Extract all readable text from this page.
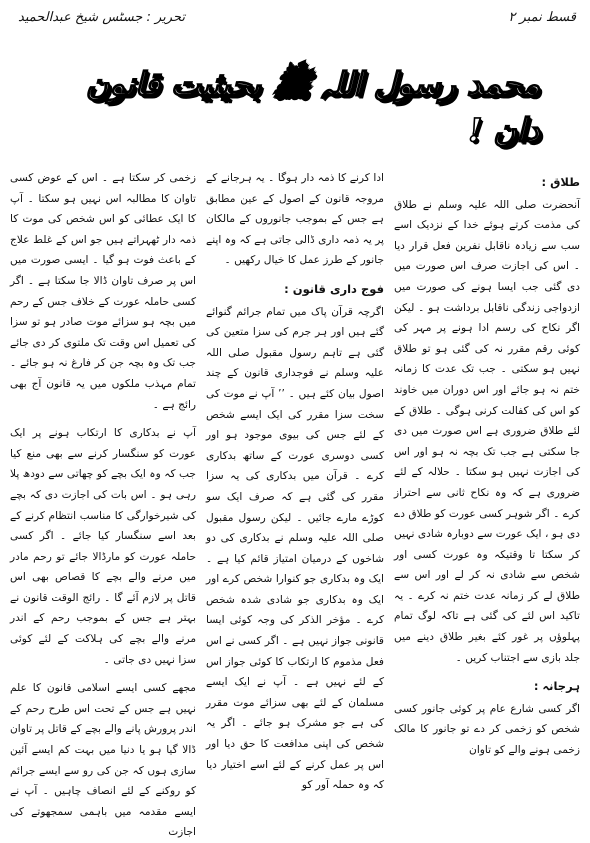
قسط نمبر ۲
تحریر : جسٹس شیخ عبدالحمید
محمد رسول اللہ ﷺ بحیثیت قانون دان !
طلاق :

آنحضرت صلی اللہ علیہ وسلم نے طلاق کی مذمت کرتے ہوئے خدا کے نزدیک اسے سب سے زیادہ ناقابل نفرین فعل قرار دیا ۔ اس کی اجازت صرف اس صورت میں دی گئی جب ایسا ہونے کی صورت میں ازدواجی زندگی ناقابل برداشت ہو ۔ لیکن اگر نکاح کی رسم ادا ہونے پر مہر کی کوئی رقم مقرر نہ کی گئی ہو تو طلاق نہیں ہو سکتی ۔ جب تک عدت کا زمانہ ختم نہ ہو جائے اور اس دوران میں خاوند کو اس کی کفالت کرنی ہوگی ۔ طلاق کے لئے طلاق ضروری ہے اس صورت میں دی جا سکتی ہے جب تک بچہ نہ ہو اور اس کی اجازت نہیں ہو سکتا ۔ حلالہ کے لئے ضروری ہے کہ وہ نکاح ثانی سے احتراز کرے ۔ اگر شوہر کسی عورت کو طلاق دے دی ہو ، ایک عورت سے دوبارہ شادی نہیں کر سکتا تا وقتیکہ وہ عورت کسی اور شخص سے شادی نہ کر لے اور اس سے طلاق لے کر زمانہ عدت ختم نہ کرے ۔ یہ تاکید اس لئے کی گئی ہے تاکہ لوگ تمام پہلوؤں پر غور کئے بغیر طلاق دینے میں جلد بازی سے اجتناب کریں ۔

ہرجانہ :

اگر کسی شارع عام پر کوئی جانور کسی شخص کو زخمی کر دے تو جانور کا مالک زخمی ہونے والے کو تاوان

ادا کرنے کا ذمہ دار ہوگا ۔ یہ ہرجانے کے مروجہ قانون کے اصول کے عین مطابق ہے جس کے بموجب جانوروں کے مالکان پر یہ ذمہ داری ڈالی جاتی ہے کہ وہ اپنے جانور کے طرز عمل کا خیال رکھیں ۔

فوج داری قانون :

اگرچہ قرآن پاک میں تمام جرائم گنوائے گئے ہیں اور ہر جرم کی سزا متعین کی گئی ہے تاہم رسول مقبول صلی اللہ علیہ وسلم نے فوجداری قانون کے چند اصول بیان کئے ہیں ۔ ’’ آپ نے موت کی سخت سزا مقرر کی ایک ایسے شخص کے لئے جس کی بیوی موجود ہو اور کسی دوسری عورت کے ساتھ بدکاری کرے ۔ قرآن میں بدکاری کی یہ سزا مقرر کی گئی ہے کہ صرف ایک سو کوڑے مارے جائیں ۔ لیکن رسول مقبول صلی اللہ علیہ وسلم نے بدکاری کی دو شاخوں کے درمیان امتیاز قائم کیا ہے ۔ ایک وہ بدکاری جو کنوارا شخص کرے اور ایک وہ بدکاری جو شادی شدہ شخص کرے ۔ مؤخر الذکر کی وجہ کوئی ایسا قانونی جواز نہیں ہے ۔ اگر کسی نے اس فعل مذموم کا ارتکاب کا کوئی جواز اس کے لئے نہیں ہے ۔ آپ نے ایک ایسے مسلمان کے لئے بھی سزائے موت مقرر کی ہے جو مشرک ہو جائے ۔ اگر یہ شخص کی اپنی مدافعت کا حق دیا اور اس پر عمل کرنے کے لئے اسے اختیار دیا کہ وہ حملہ آور کو

زخمی کر سکتا ہے ۔ اس کے عوض کسی تاوان کا مطالبہ اس نہیں ہو سکتا ۔ آپ کا ایک عطائی کو اس شخص کی موت کا ذمہ دار ٹھہراتے ہیں جو اس کے غلط علاج کے باعث فوت ہو گیا ۔ ایسی صورت میں اس پر صرف تاوان ڈالا جا سکتا ہے ۔ اگر کسی حاملہ عورت کے خلاف جس کے رحم میں بچہ ہو سزائے موت صادر ہو تو سزا کی تعمیل اس وقت تک ملتوی کر دی جائے جب تک وہ بچہ جن کر فارغ نہ ہو جائے ۔ تمام مہذب ملکوں میں یہ قانون آج بھی رائج ہے ۔

آپ نے بدکاری کا ارتکاب ہونے پر ایک عورت کو سنگسار کرنے سے بھی منع کیا جب کہ وہ ایک بچے کو چھاتی سے دودھ پلا رہی ہو ۔ اس بات کی اجازت دی کہ بچے کی شیرخوارگی کا مناسب انتظام کرنے کے بعد اسے سنگسار کیا جائے ۔ اگر کسی حاملہ عورت کو مارڈالا جائے تو رحم مادر میں مرنے والے بچے کا قصاص بھی اس قاتل پر لازم آئے گا ۔ رائج الوقت قانون نے بہتر ہے جس کے بموجب رحم کے اندر مرنے والے بچے کی ہلاکت کے لئے کوئی سزا نہیں دی جاتی ۔

مجھے کسی ایسے اسلامی قانون کا علم نہیں ہے جس کے تحت اس طرح رحم کے اندر پرورش پانے والے بچے کے قاتل پر تاوان ڈالا گیا ہو یا دنیا میں بہت کم ایسے آئین سازی ہوں کہ جن کی رو سے ایسے جرائم کو روکنے کے لئے انصاف چاہیں ۔ آپ نے ایسے مقدمہ میں باہمی سمجھوتے کی اجازت
